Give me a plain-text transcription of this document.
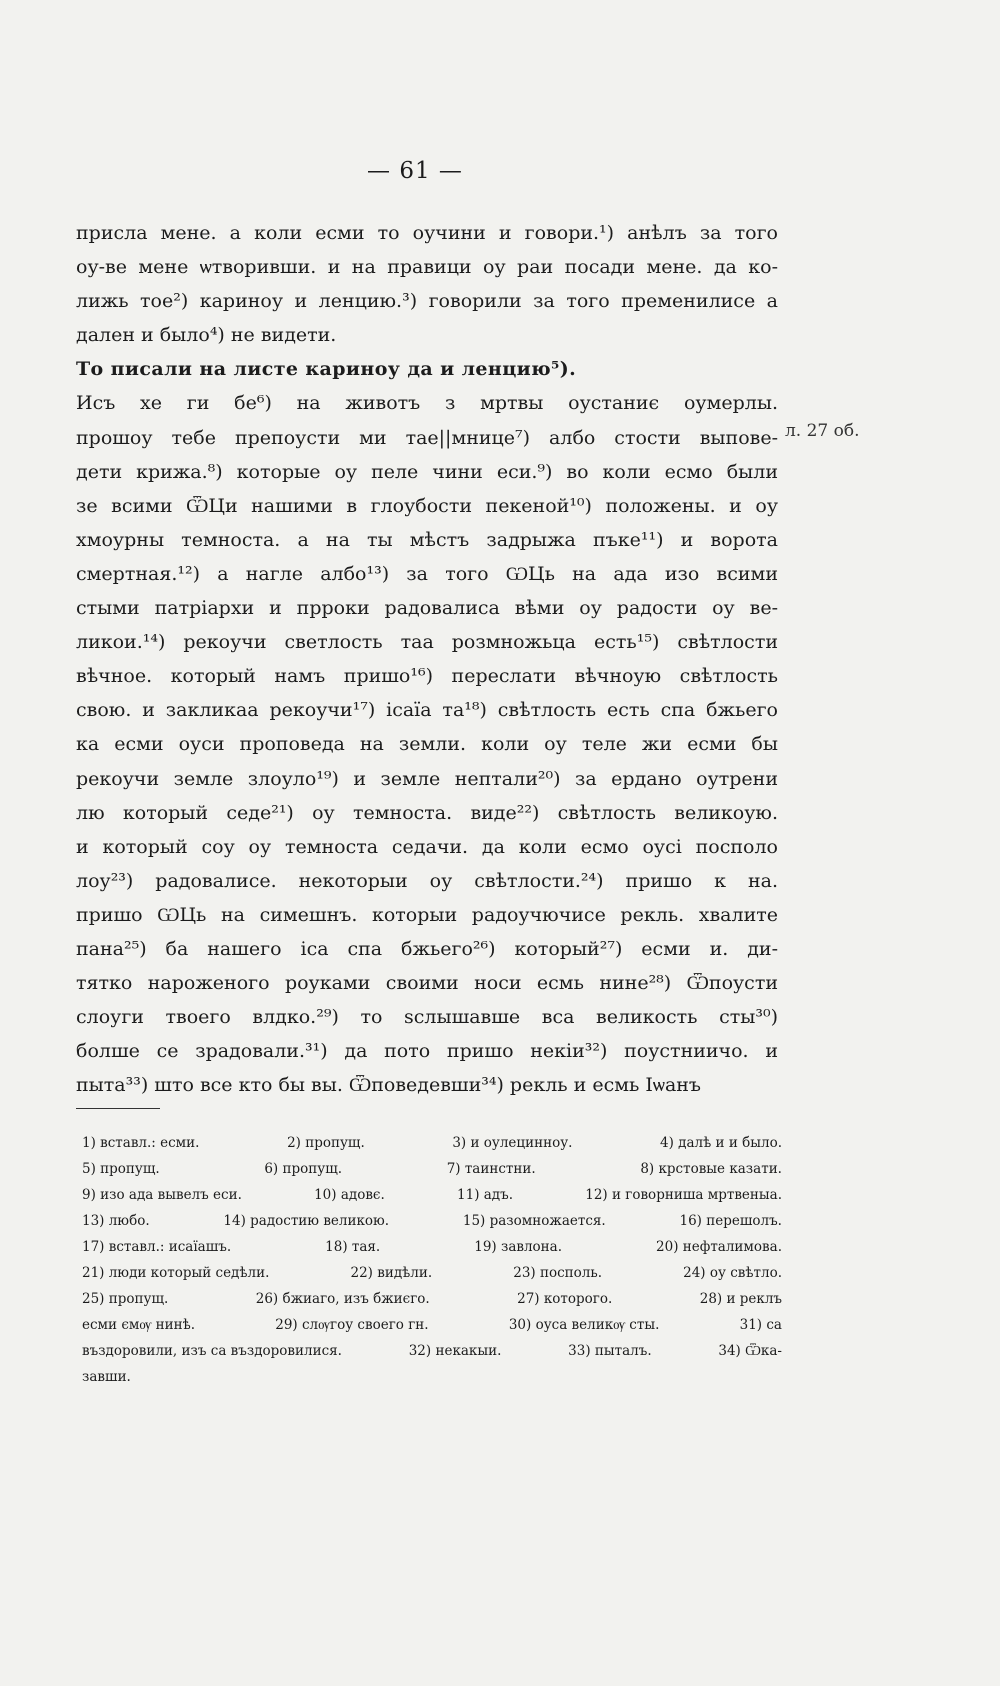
— 61 —
присла мене. а коли есми то оучини и говори.¹) анѣлъ за того
оу‑ве мене ѡтворивши. и на правици оу раи посади мене. да ко‑
лижь тое²) кариноу и ленцию.³) говорили за того пременилисе а
дален и было⁴) не видети.
То писали на листе кариноу да и ленцию⁵).
Исъ хе ги бе⁶) на животъ з мртвы оустаниє оумерлы.
прошоу тебе препоусти ми тае||мнице⁷) албо стости выпове‑
дети крижа.⁸) которые оу пеле чини еси.⁹) во коли есмо были
зе всими ѾЦи нашими в глоубости пекеной¹⁰) положены. и оу
хмоурны темноста. а на ты мѣстъ задрыжа пъке¹¹) и ворота
смертная.¹²) а нагле албо¹³) за того ѠЦь на ада изо всими
стыми патріархи и прроки радовалиса вѣми оу радости оу ве‑
ликои.¹⁴) рекоучи светлость таа розмножьца есть¹⁵) свѣтлости
вѣчное. который намъ пришо¹⁶) переслати вѣчноую свѣтлость
свою. и закликаа рекоучи¹⁷) ісаїа та¹⁸) свѣтлость есть спа бжьего
ка есми оуси проповеда на земли. коли оу теле жи есми бы
рекоучи земле злоуло¹⁹) и земле нептали²⁰) за ердано оутрени
лю который седе²¹) оу темноста. виде²²) свѣтлость великоую.
и который соу оу темноста седачи. да коли есмо оусі посполо
лоу²³) радовалисе. некоторыи оу свѣтлости.²⁴) пришо к на.
пришо ѠЦь на симешнъ. которыи радоучючисе рекль. хвалите
пана²⁵) ба нашего іса спа бжьего²⁶) который²⁷) есми и. ди‑
тятко нароженого роуками своими носи есмь нине²⁸) Ѿпоусти
слоуги твоего влдко.²⁹) то ѕслышавше вса великость сты³⁰)
болше се зрадовали.³¹) да пото пришо некіи³²) поустниичо. и
пыта³³) што все кто бы вы. Ѿповедевши³⁴) рекль и есмь Іѡанъ
л. 27 об.
1) вставл.: есми.	2) пропущ.	3) и оулецинноу.	4) далѣ и и было.
5) пропущ.	6) пропущ.	7) таинстни.	8) крстовые казати.
9) изо ада вывелъ еси.	10) адовє.	11) адъ.	12) и говорниша мртвеныа.
13) любо.	14) радостию великою.	15) разомножается.	16) перешолъ.
17) вставл.: исаїашъ.	18) тая.	19) завлона.	20) нефталимова.
21) люди который седѣли.	22) видѣли.	23) посполь.	24) оу свѣтло.
25) пропущ.	26) бжиаго, изъ бжиєго.	27) которого.	28) и реклъ
есми ємѹ нинѣ.	29) слѹгоу своего гн.	30) оуса великѹ сты.	31) са
въздоровили, изъ са въздоровилися.	32) некакыи.	33) пыталъ.	34) Ѿка‑
завши.
